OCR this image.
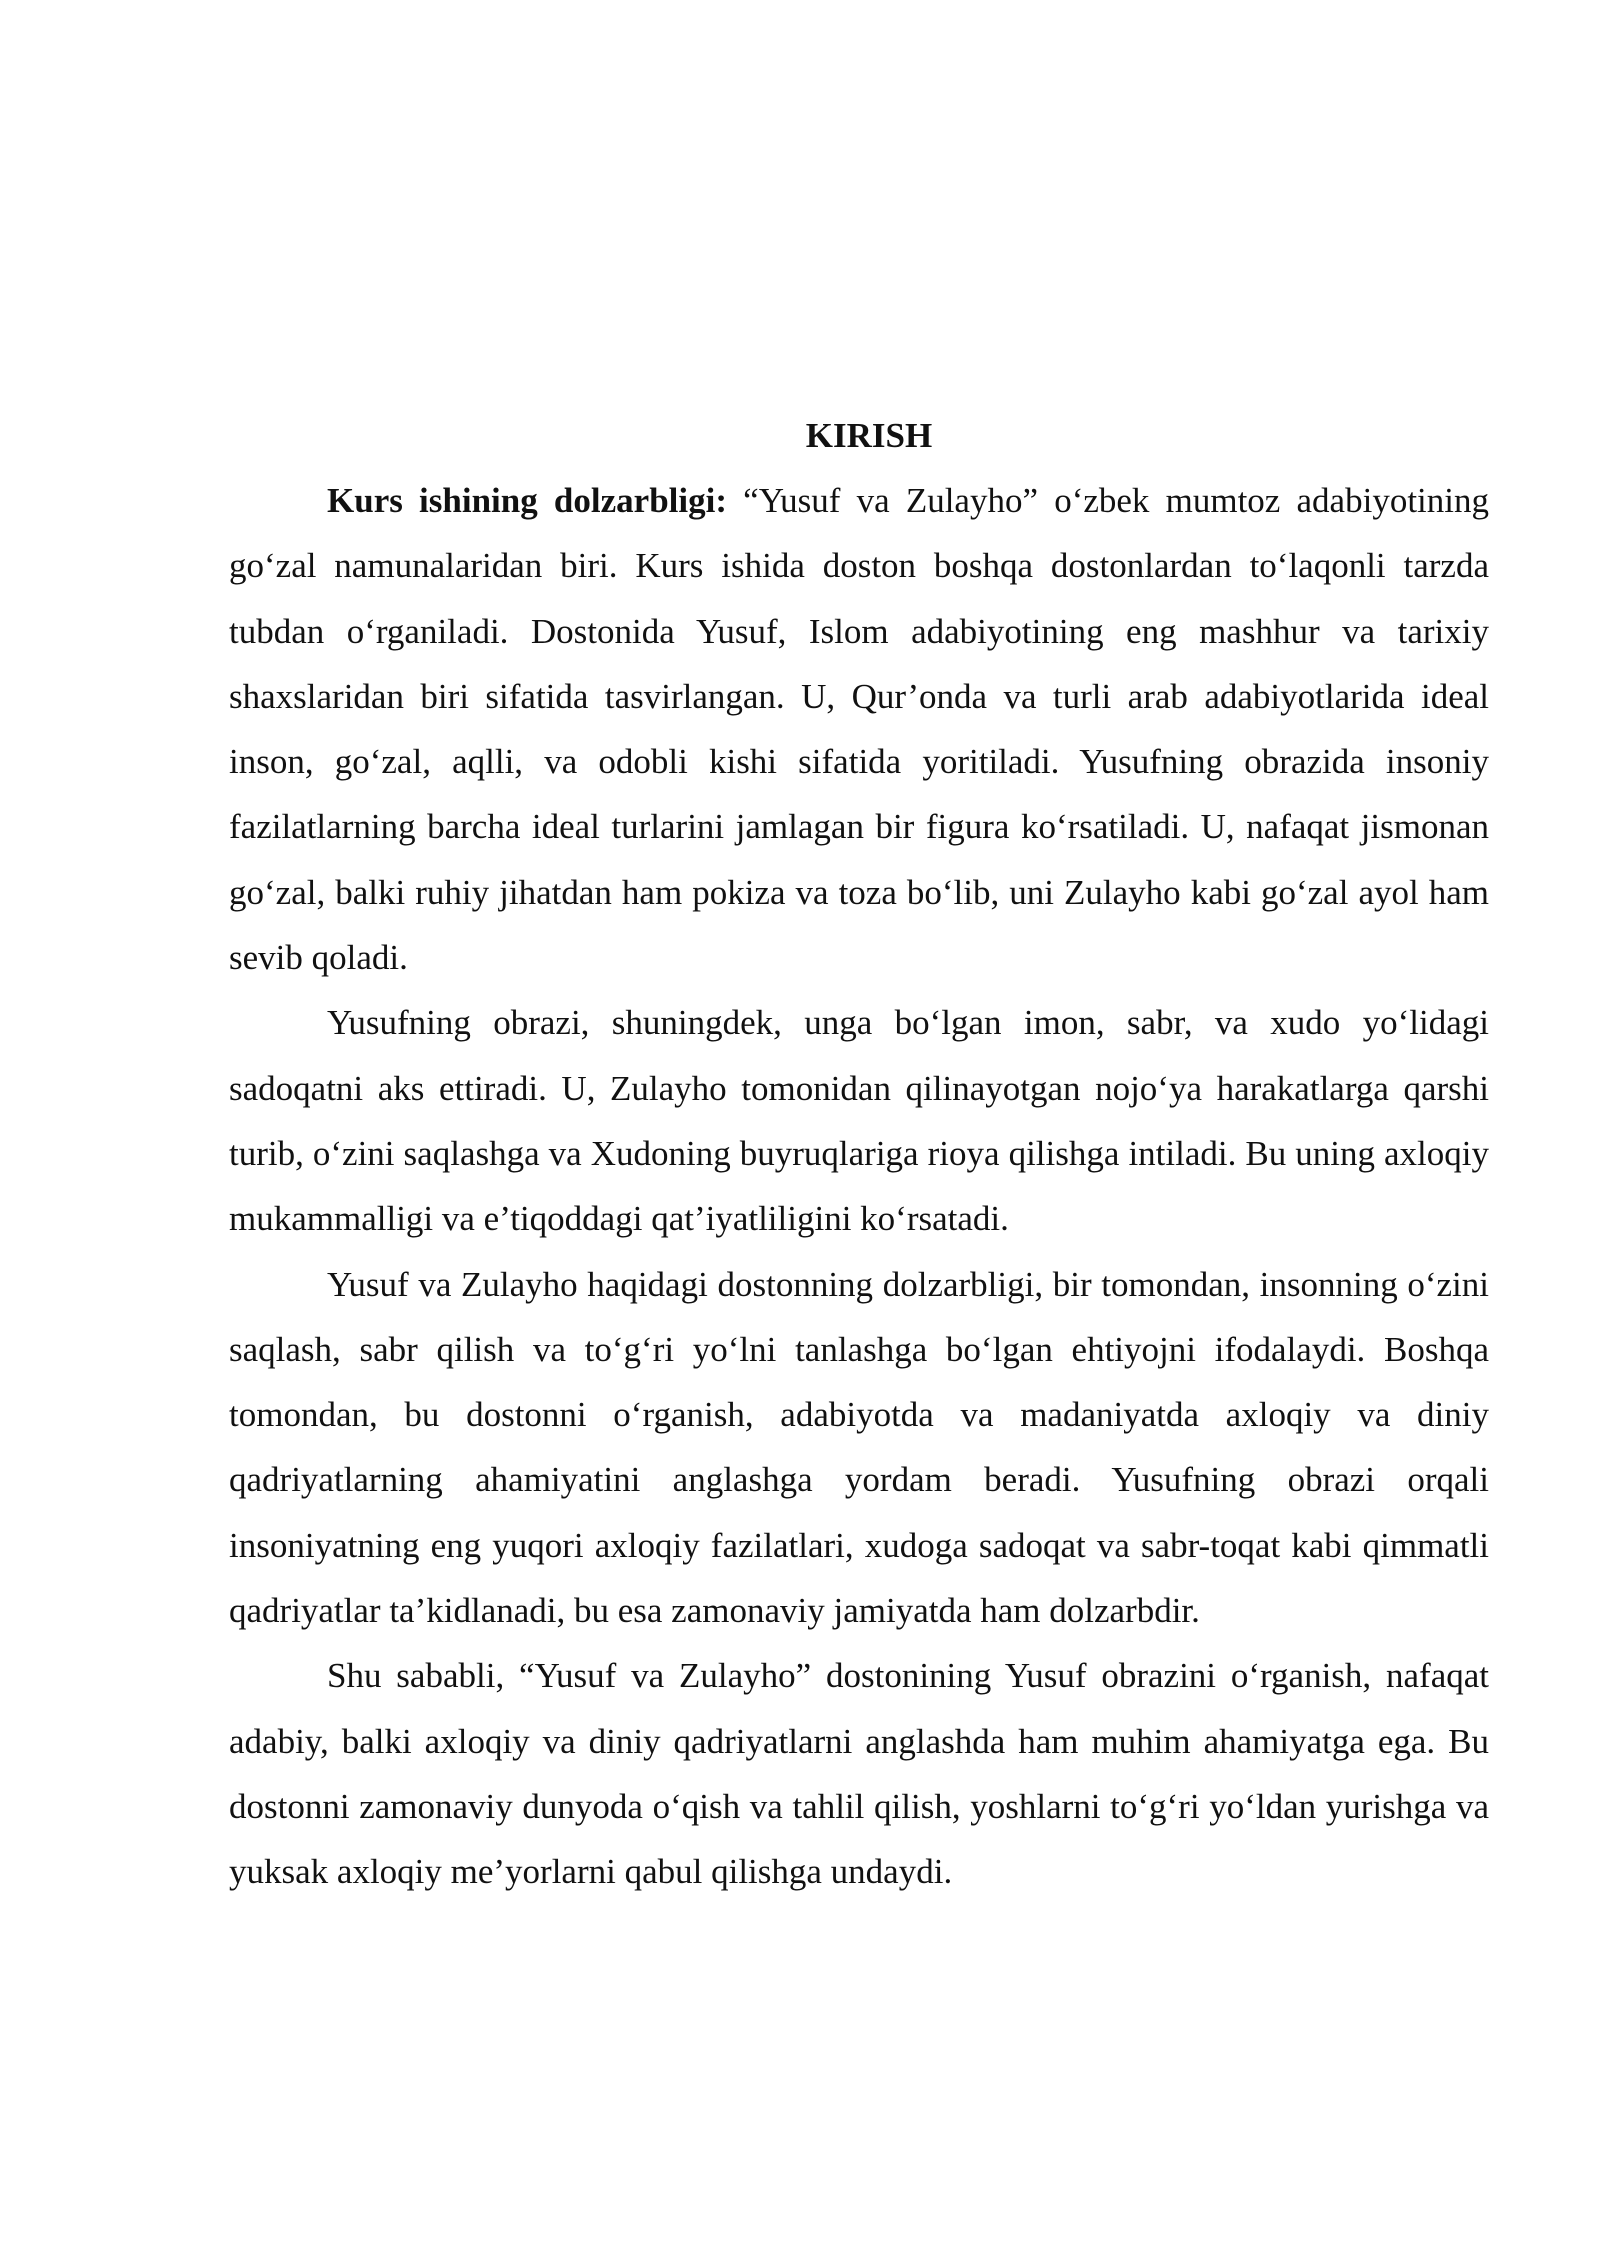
KIRISH

Kurs ishining dolzarbligi: “Yusuf va Zulayho” oʻzbek mumtoz adabiyotining goʻzal namunalaridan biri. Kurs ishida doston boshqa dostonlardan toʻlaqonli tarzda tubdan oʻrganiladi. Dostonida Yusuf, Islom adabiyotining eng mashhur va tarixiy shaxslaridan biri sifatida tasvirlangan. U, Qur’onda va turli arab adabiyotlarida ideal inson, goʻzal, aqlli, va odobli kishi sifatida yoritiladi. Yusufning obrazida insoniy fazilatlarning barcha ideal turlarini jamlagan bir figura koʻrsatiladi. U, nafaqat jismonan goʻzal, balki ruhiy jihatdan ham pokiza va toza boʻlib, uni Zulayho kabi goʻzal ayol ham sevib qoladi.

Yusufning obrazi, shuningdek, unga boʻlgan imon, sabr, va xudo yoʻlidagi sadoqatni aks ettiradi. U, Zulayho tomonidan qilinayotgan nojoʻya harakatlarga qarshi turib, oʻzini saqlashga va Xudoning buyruqlariga rioya qilishga intiladi. Bu uning axloqiy mukammalligi va e’tiqoddagi qat’iyatliligini koʻrsatadi.

Yusuf va Zulayho haqidagi dostonning dolzarbligi, bir tomondan, insonning oʻzini saqlash, sabr qilish va toʻgʻri yoʻlni tanlashga boʻlgan ehtiyojni ifodalaydi. Boshqa tomondan, bu dostonni oʻrganish, adabiyotda va madaniyatda axloqiy va diniy qadriyatlarning ahamiyatini anglashga yordam beradi. Yusufning obrazi orqali insoniyatning eng yuqori axloqiy fazilatlari, xudoga sadoqat va sabr-toqat kabi qimmatli qadriyatlar ta’kidlanadi, bu esa zamonaviy jamiyatda ham dolzarbdir.

Shu sababli, “Yusuf va Zulayho” dostonining Yusuf obrazini oʻrganish, nafaqat adabiy, balki axloqiy va diniy qadriyatlarni anglashda ham muhim ahamiyatga ega. Bu dostonni zamonaviy dunyoda oʻqish va tahlil qilish, yoshlarni toʻgʻri yoʻldan yurishga va yuksak axloqiy me’yorlarni qabul qilishga undaydi.
